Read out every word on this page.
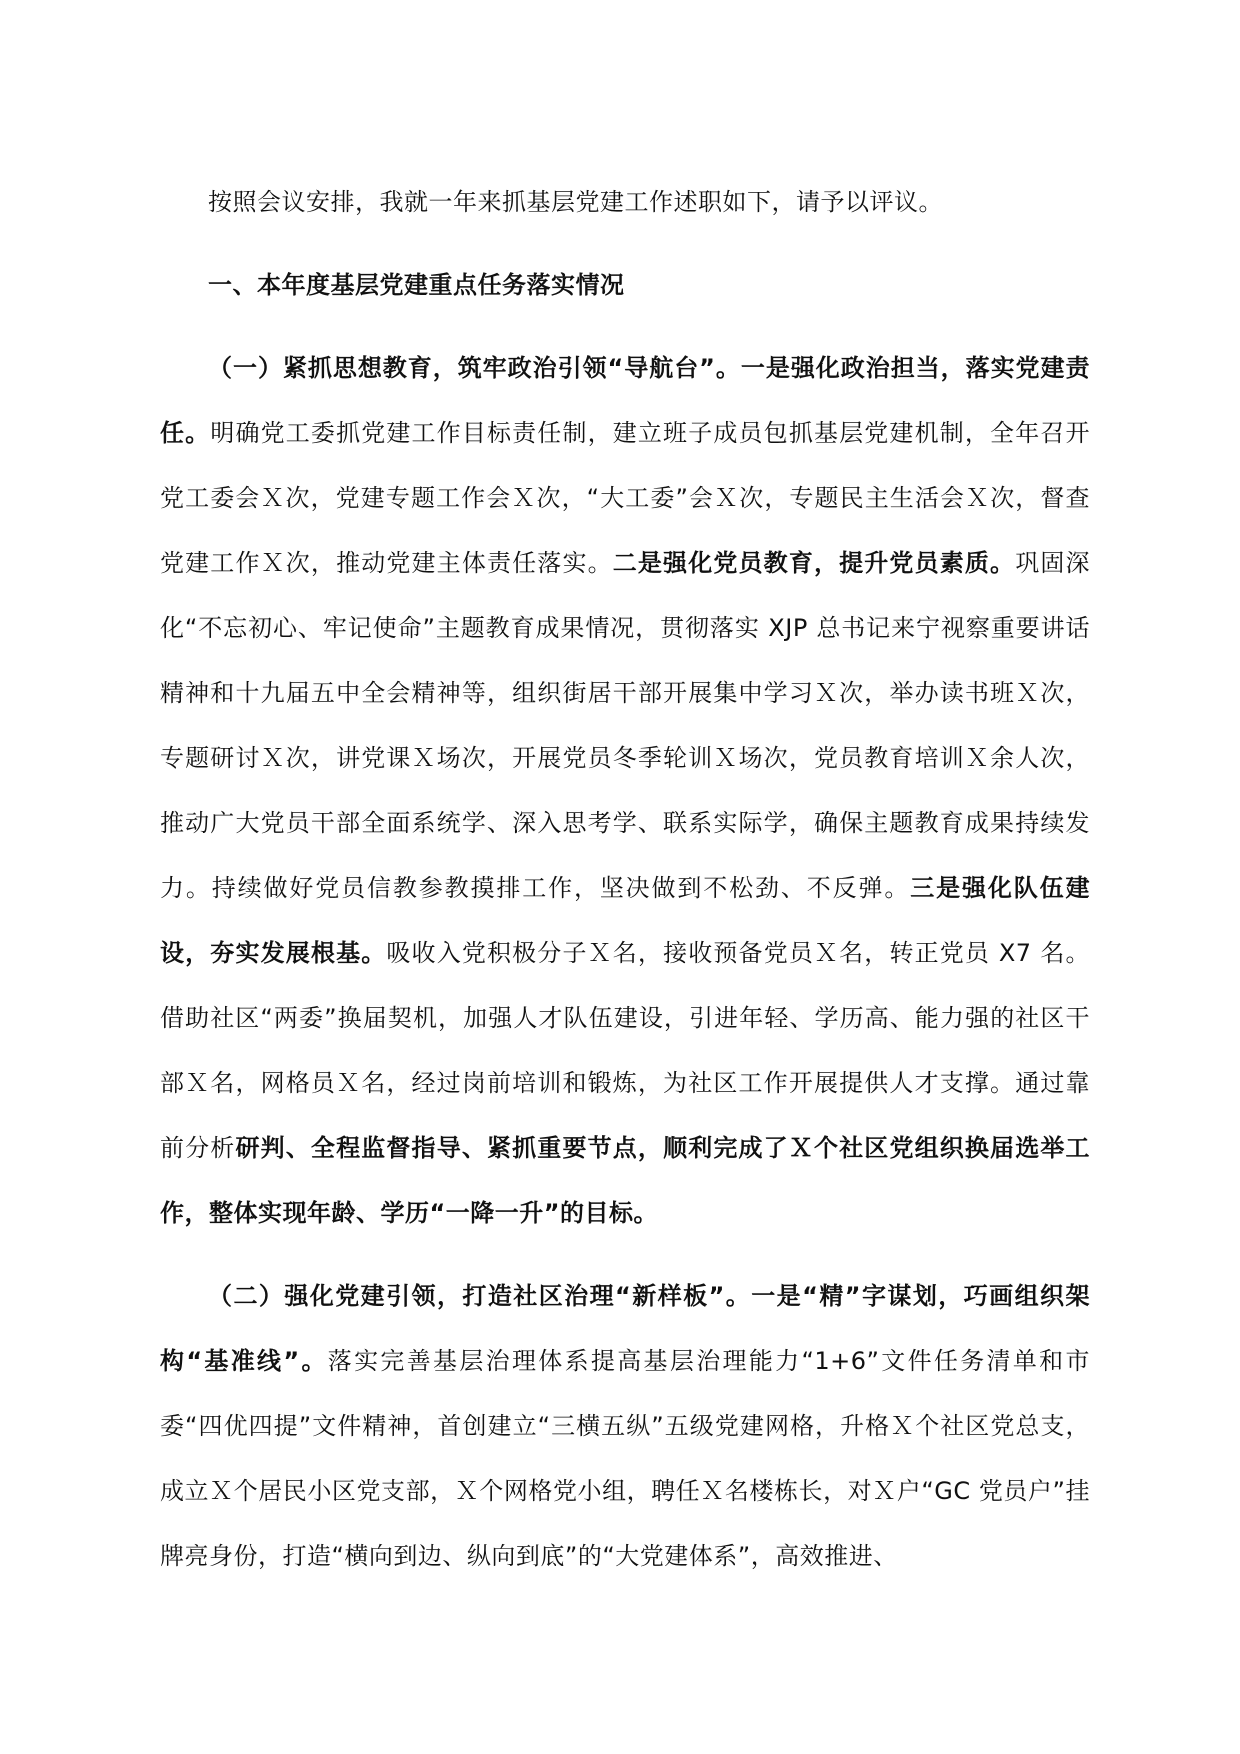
按照会议安排，我就一年来抓基层党建工作述职如下，请予以评议。

一、本年度基层党建重点任务落实情况

（一）紧抓思想教育，筑牢政治引领“导航台”。一是强化政治担当，落实党建责任。明确党工委抓党建工作目标责任制，建立班子成员包抓基层党建机制，全年召开党工委会Ｘ次，党建专题工作会Ｘ次，“大工委”会Ｘ次，专题民主生活会Ｘ次，督查党建工作Ｘ次，推动党建主体责任落实。二是强化党员教育，提升党员素质。巩固深化“不忘初心、牢记使命”主题教育成果情况，贯彻落实 XJP 总书记来宁视察重要讲话精神和十九届五中全会精神等，组织街居干部开展集中学习Ｘ次，举办读书班Ｘ次，专题研讨Ｘ次，讲党课Ｘ场次，开展党员冬季轮训Ｘ场次，党员教育培训Ｘ余人次，推动广大党员干部全面系统学、深入思考学、联系实际学，确保主题教育成果持续发力。持续做好党员信教参教摸排工作，坚决做到不松劲、不反弹。三是强化队伍建设，夯实发展根基。吸收入党积极分子Ｘ名，接收预备党员Ｘ名，转正党员 X7 名。借助社区“两委”换届契机，加强人才队伍建设，引进年轻、学历高、能力强的社区干部Ｘ名，网格员Ｘ名，经过岗前培训和锻炼，为社区工作开展提供人才支撑。通过靠前分析研判、全程监督指导、紧抓重要节点，顺利完成了Ｘ个社区党组织换届选举工作，整体实现年龄、学历“一降一升”的目标。

（二）强化党建引领，打造社区治理“新样板”。一是“精”字谋划，巧画组织架构“基准线”。落实完善基层治理体系提高基层治理能力“1+6”文件任务清单和市委“四优四提”文件精神，首创建立“三横五纵”五级党建网格，升格Ｘ个社区党总支，成立Ｘ个居民小区党支部，Ｘ个网格党小组，聘任Ｘ名楼栋长，对Ｘ户“GC 党员户”挂牌亮身份，打造“横向到边、纵向到底”的“大党建体系”，高效推进、
